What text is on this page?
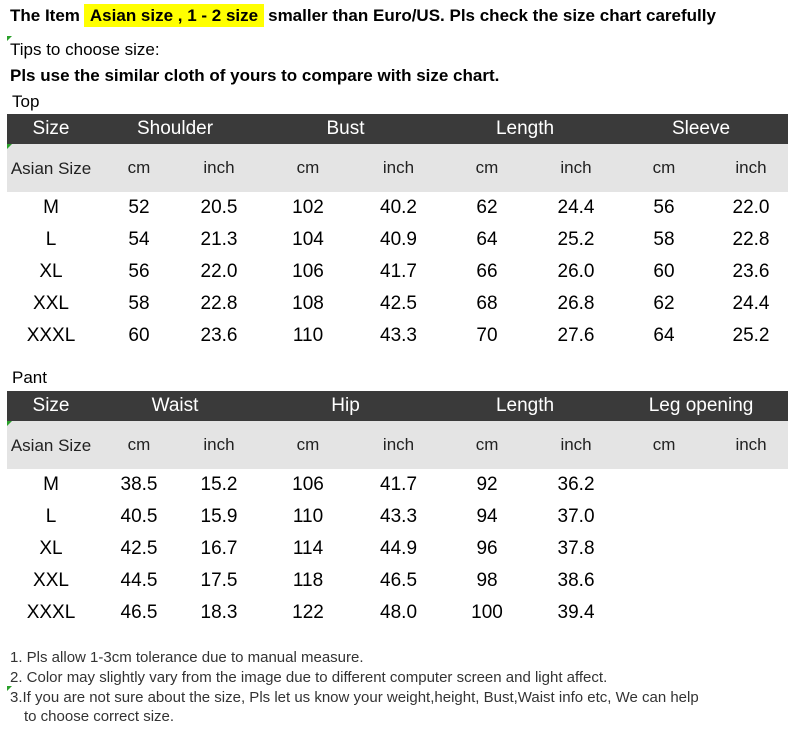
The Item Asian size , 1 - 2 size smaller than Euro/US. Pls check the size chart carefully
Tips to choose size:
Pls use the similar cloth of yours to compare with size chart.
Top
Size	Shoulder		Bust		Length		Sleeve	

Asian Size	cm	inch	cm	inch	cm	inch	cm	inch
M	52	20.5	102	40.2	62	24.4	56	22.0
L	54	21.3	104	40.9	64	25.2	58	22.8
XL	56	22.0	106	41.7	66	26.0	60	23.6
XXL	58	22.8	108	42.5	68	26.8	62	24.4
XXXL	60	23.6	110	43.3	70	27.6	64	25.2
Pant
Size	Waist		Hip		Length		Leg opening	

Asian Size	cm	inch	cm	inch	cm	inch	cm	inch
M	38.5	15.2	106	41.7	92	36.2		
L	40.5	15.9	110	43.3	94	37.0		
XL	42.5	16.7	114	44.9	96	37.8		
XXL	44.5	17.5	118	46.5	98	38.6		
XXXL	46.5	18.3	122	48.0	100	39.4		
1. Pls allow 1-3cm tolerance due to manual measure.
2. Color may slightly vary from the image due to different computer screen and light affect.
3.If you are not sure about the size, Pls let us know your weight,height, Bust,Waist info etc, We can help
to choose correct size.
